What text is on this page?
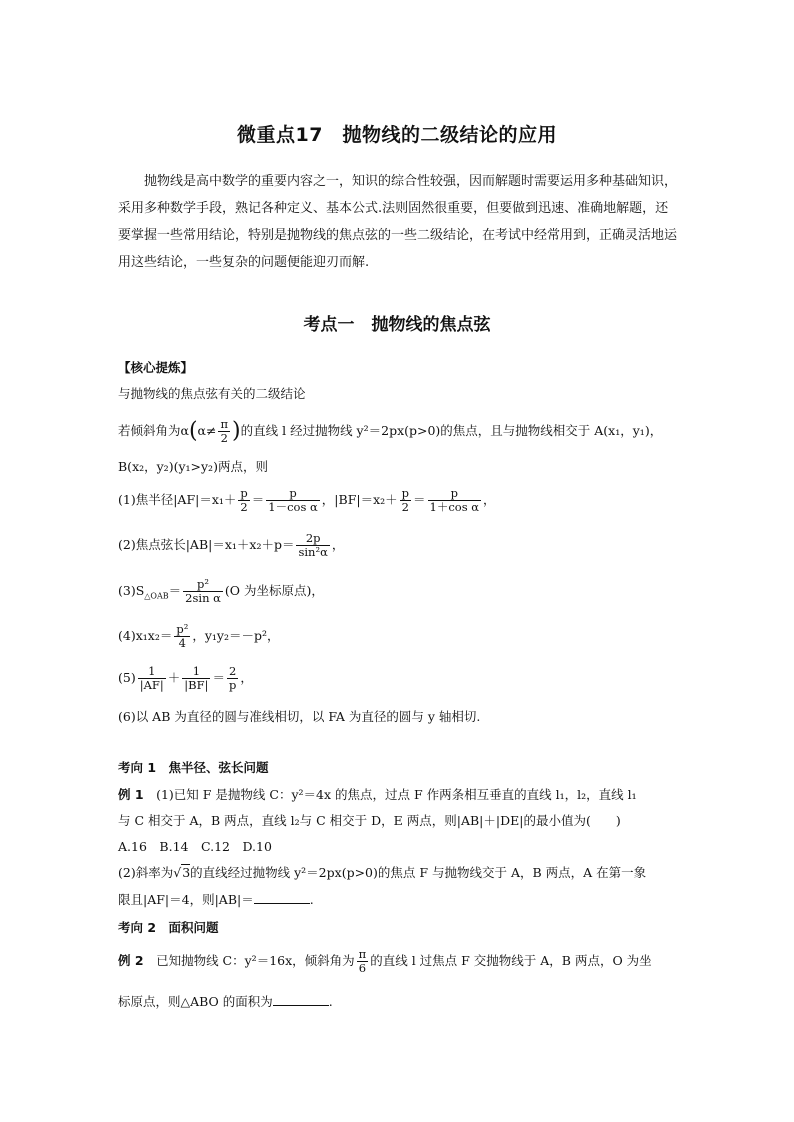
微重点17　抛物线的二级结论的应用
抛物线是高中数学的重要内容之一，知识的综合性较强，因而解题时需要运用多种基础知识，采用多种数学手段，熟记各种定义、基本公式.法则固然很重要，但要做到迅速、准确地解题，还要掌握一些常用结论，特别是抛物线的焦点弦的一些二级结论，在考试中经常用到，正确灵活地运用这些结论，一些复杂的问题便能迎刃而解.
考点一　抛物线的焦点弦
【核心提炼】
与抛物线的焦点弦有关的二级结论
若倾斜角为$\alpha(\alpha\ne \frac{\pi}{2}$ )的直线 l 经过抛物线 y²＝2px(p>0)的焦点，且与抛物线相交于 A(x₁，y₁)，
B(x₂，y₂)(y₁>y₂)两点，则
(1)焦半径$|AF|=x_1+ \frac{p}{2} = \frac{p}{\text{1－cos α}}$ ，$|BF|=x_2+ \frac{p}{2} = \frac{p}{\text{1＋cos α}}$ ，
(2)焦点弦长$|AB|=x_1+x_2+p= \frac{2p}{\text{sin²α}}$ ，
$(3)S_{\triangle OAB}= \frac{\text{p²}}{\text{2sin α}} (O$ 为坐标原点)，
$(4)x_1x_2= \frac{\text{p²}}{4}$ ，y₁y₂＝－p²，
$(5) \frac{1}{|AF|} + \frac{1}{|BF|} = \frac{2}{p}$ ，
(6)以 AB 为直径的圆与准线相切，以 FA 为直径的圆与 y 轴相切.
考向 1　焦半径、弦长问题
例 1　 (1)已知 F 是抛物线 C：y²＝4x 的焦点，过点 F 作两条相互垂直的直线 l₁，l₂，直线 l₁
与 C 相交于 A，B 两点，直线 l₂与 C 相交于 D，E 两点，则|AB|＋|DE|的最小值为(　　)
A.16　B.14　C.12　D.10
(2)斜率为√3的直线经过抛物线 y²＝2px(p>0)的焦点 F 与抛物线交于 A，B 两点，A 在第一象
限且|AF|＝4，则|AB|＝	.
考向 2　面积问题
例 2　 已知抛物线 C：y²＝16x，倾斜角为 $\frac{\pi}{6}$ 的直线 l 过焦点 F 交抛物线于 A，B 两点，O 为坐
标原点，则△ABO 的面积为	.
